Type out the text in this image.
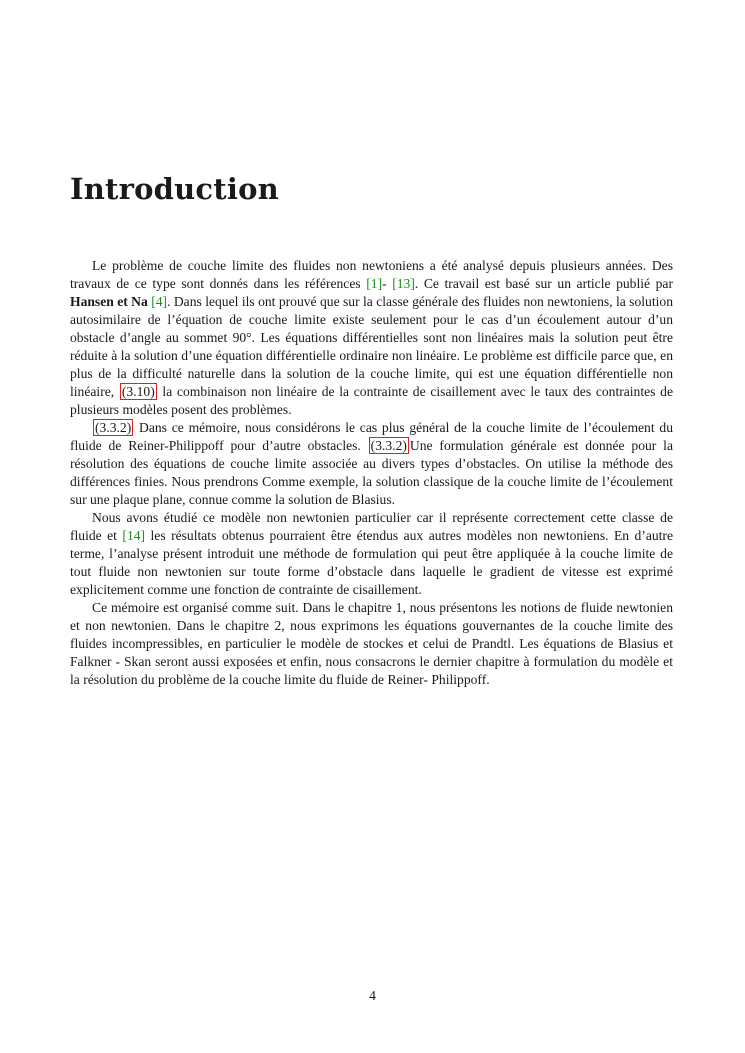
Introduction

Le problème de couche limite des fluides non newtoniens a été analysé depuis plusieurs années. Des travaux de ce type sont donnés dans les références [1]- [13]. Ce travail est basé sur un article publié par Hansen et Na [4]. Dans lequel ils ont prouvé que sur la classe générale des fluides non newtoniens, la solution autosimilaire de l’équation de couche limite existe seulement pour le cas d’un écoulement autour d’un obstacle d’angle au sommet 90°. Les équations différentielles sont non linéaires mais la solution peut être réduite à la solution d’une équation différentielle ordinaire non linéaire. Le problème est difficile parce que, en plus de la difficulté naturelle dans la solution de la couche limite, qui est une équation différentielle non linéaire, (3.10) la combinaison non linéaire de la contrainte de cisaillement avec le taux des contraintes de plusieurs modèles posent des problèmes.

(3.3.2) Dans ce mémoire, nous considérons le cas plus général de la couche limite de l’écoulement du fluide de Reiner-Philippoff pour d’autre obstacles. (3.3.2) Une formulation générale est donnée pour la résolution des équations de couche limite associée au divers types d’obstacles. On utilise la méthode des différences finies. Nous prendrons Comme exemple, la solution classique de la couche limite de l’écoulement sur une plaque plane, connue comme la solution de Blasius.

Nous avons étudié ce modèle non newtonien particulier car il représente correctement cette classe de fluide et [14] les résultats obtenus pourraient être étendus aux autres modèles non newtoniens. En d’autre terme, l’analyse présent introduit une méthode de formulation qui peut être appliquée à la couche limite de tout fluide non newtonien sur toute forme d’obstacle dans laquelle le gradient de vitesse est exprimé explicitement comme une fonction de contrainte de cisaillement.

Ce mémoire est organisé comme suit. Dans le chapitre 1, nous présentons les notions de fluide newtonien et non newtonien. Dans le chapitre 2, nous exprimons les équations gouvernantes de la couche limite des fluides incompressibles, en particulier le modèle de stockes et celui de Prandtl. Les équations de Blasius et Falkner - Skan seront aussi exposées et enfin, nous consacrons le dernier chapitre à formulation du modèle et la résolution du problème de la couche limite du fluide de Reiner- Philippoff.

4
